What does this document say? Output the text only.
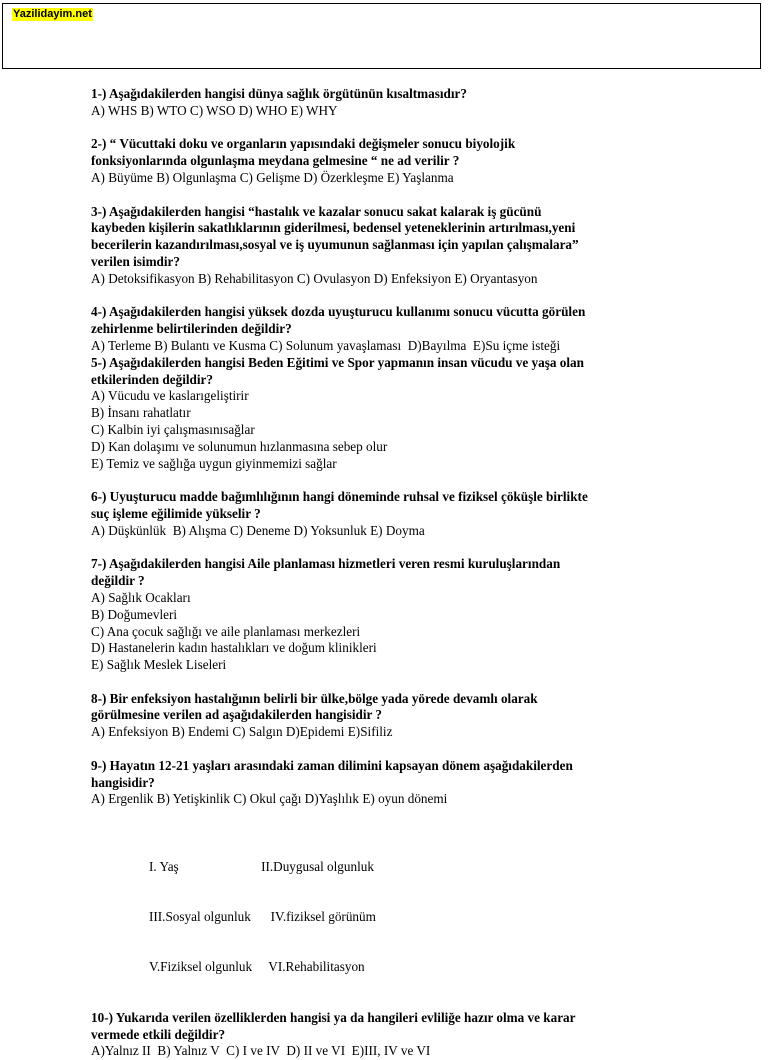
Yazilidayim.net
1-) Aşağıdakilerden hangisi dünya sağlık örgütünün kısaltmasıdır?
A) WHS B) WTO C) WSO D) WHO E) WHY
2-) “ Vücuttaki doku ve organların yapısındaki değişmeler sonucu biyolojik
fonksiyonlarında olgunlaşma meydana gelmesine “ ne ad verilir ?
A) Büyüme B) Olgunlaşma C) Gelişme D) Özerkleşme E) Yaşlanma
3-) Aşağıdakilerden hangisi “hastalık ve kazalar sonucu sakat kalarak iş gücünü
kaybeden kişilerin sakatlıklarının giderilmesi, bedensel yeteneklerinin artırılması,yeni
becerilerin kazandırılması,sosyal ve iş uyumunun sağlanması için yapılan çalışmalara”
verilen isimdir?
A) Detoksifikasyon B) Rehabilitasyon C) Ovulasyon D) Enfeksiyon E) Oryantasyon
4-) Aşağıdakilerden hangisi yüksek dozda uyuşturucu kullanımı sonucu vücutta görülen
zehirlenme belirtilerinden değildir?
A) Terleme B) Bulantı ve Kusma C) Solunum yavaşlaması  D)Bayılma  E)Su içme isteği
5-) Aşağıdakilerden hangisi Beden Eğitimi ve Spor yapmanın insan vücudu ve yaşa olan
etkilerinden değildir?
A) Vücudu ve kaslarıgeliştirir
B) İnsanı rahatlatır
C) Kalbin iyi çalışmasınısağlar
D) Kan dolaşımı ve solunumun hızlanmasına sebep olur
E) Temiz ve sağlığa uygun giyinmemizi sağlar
6-) Uyuşturucu madde bağımlılığının hangi döneminde ruhsal ve fiziksel çöküşle birlikte
suç işleme eğilimide yükselir ?
A) Düşkünlük  B) Alışma C) Deneme D) Yoksunluk E) Doyma
7-) Aşağıdakilerden hangisi Aile planlaması hizmetleri veren resmi kuruluşlarından
değildir ?
A) Sağlık Ocakları
B) Doğumevleri
C) Ana çocuk sağlığı ve aile planlaması merkezleri
D) Hastanelerin kadın hastalıkları ve doğum klinikleri
E) Sağlık Meslek Liseleri
8-) Bir enfeksiyon hastalığının belirli bir ülke,bölge yada yörede devamlı olarak
görülmesine verilen ad aşağıdakilerden hangisidir ?
A) Enfeksiyon B) Endemi C) Salgın D)Epidemi E)Sifiliz
9-) Hayatın 12-21 yaşları arasındaki zaman dilimini kapsayan dönem aşağıdakilerden
hangisidir?
A) Ergenlik B) Yetişkinlik C) Okul çağı D)Yaşlılık E) oyun dönemi

I. Yaş                         II.Duygusal olgunluk

III.Sosyal olgunluk      IV.fiziksel görünüm

V.Fiziksel olgunluk     VI.Rehabilitasyon

10-) Yukarıda verilen özelliklerden hangisi ya da hangileri evliliğe hazır olma ve karar
vermede etkili değildir?
A)Yalnız II  B) Yalnız V  C) I ve IV  D) II ve VI  E)III, IV ve VI
